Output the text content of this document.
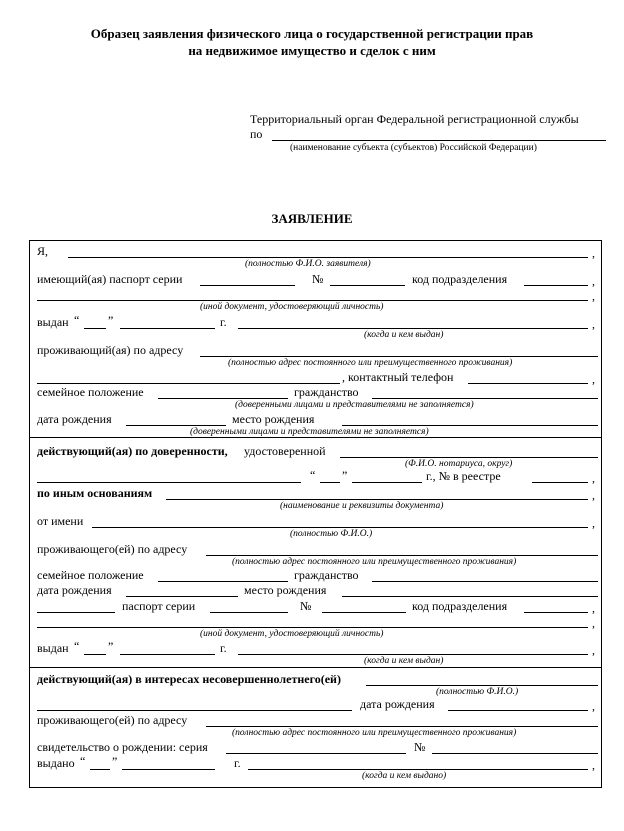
Образец заявления физического лица о государственной регистрации прав
на недвижимое имущество и сделок с ним
Территориальный орган Федеральной регистрационной службы
по
(наименование субъекта (субъектов) Российской Федерации)
ЗАЯВЛЕНИЕ
Я,	,
(полностью Ф.И.О. заявителя)
имеющий(ая) паспорт серии	№	код подразделения	,
,
(иной документ, удостоверяющий личность)
выдан “ ”	г.	,
(когда и кем выдан)
проживающий(ая) по адресу
(полностью адрес постоянного или преимущественного проживания)
, контактный телефон	,
семейное положение	гражданство
(доверенными лицами и представителями не заполняется)
дата рождения	место рождения
(доверенными лицами и представителями не заполняется)
действующий(ая) по доверенности, удостоверенной
(Ф.И.О. нотариуса, округ)
“ ”	г., № в реестре	,
по иным основаниям	,
(наименование и реквизиты документа)
от имени	,
(полностью Ф.И.О.)
проживающего(ей) по адресу
(полностью адрес постоянного или преимущественного проживания)
семейное положение	гражданство
дата рождения	место рождения
паспорт серии	№	код подразделения	,
,
(иной документ, удостоверяющий личность)
выдан “ ”	г.	,
(когда и кем выдан)
действующий(ая) в интересах несовершеннолетнего(ей)
(полностью Ф.И.О.)
дата рождения	,
проживающего(ей) по адресу
(полностью адрес постоянного или преимущественного проживания)
свидетельство о рождении: серия	№
выдано “ ”	г.	,
(когда и кем выдано)
